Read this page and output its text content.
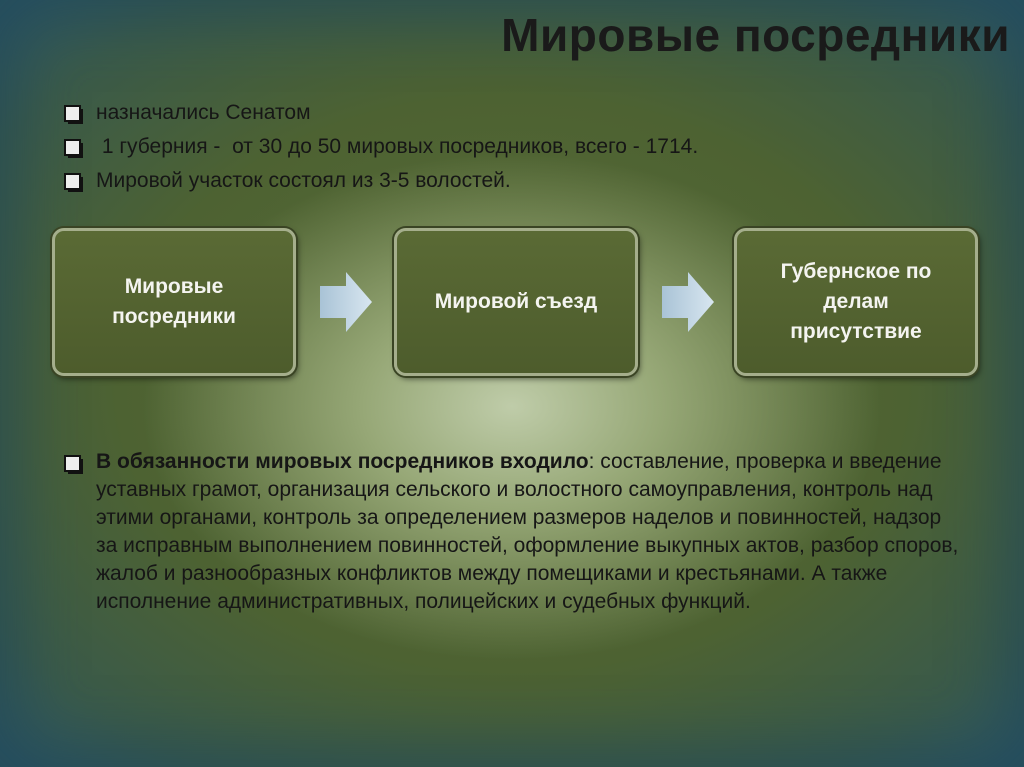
Мировые посредники
назначались Сенатом
1 губерния -  от 30 до 50 мировых посредников, всего - 1714.
Мировой участок состоял из 3-5 волостей.
Мировые
посредники
Мировой съезд
Губернское по
делам
присутствие
В обязанности мировых посредников входило: составление, проверка и введение уставных грамот, организация сельского и волостного самоуправления, контроль над этими органами, контроль за определением размеров наделов и повинностей, надзор за исправным выполнением повинностей, оформление выкупных актов, разбор споров, жалоб и разнообразных конфликтов между помещиками и крестьянами. А также исполнение административных, полицейских и судебных функций.
